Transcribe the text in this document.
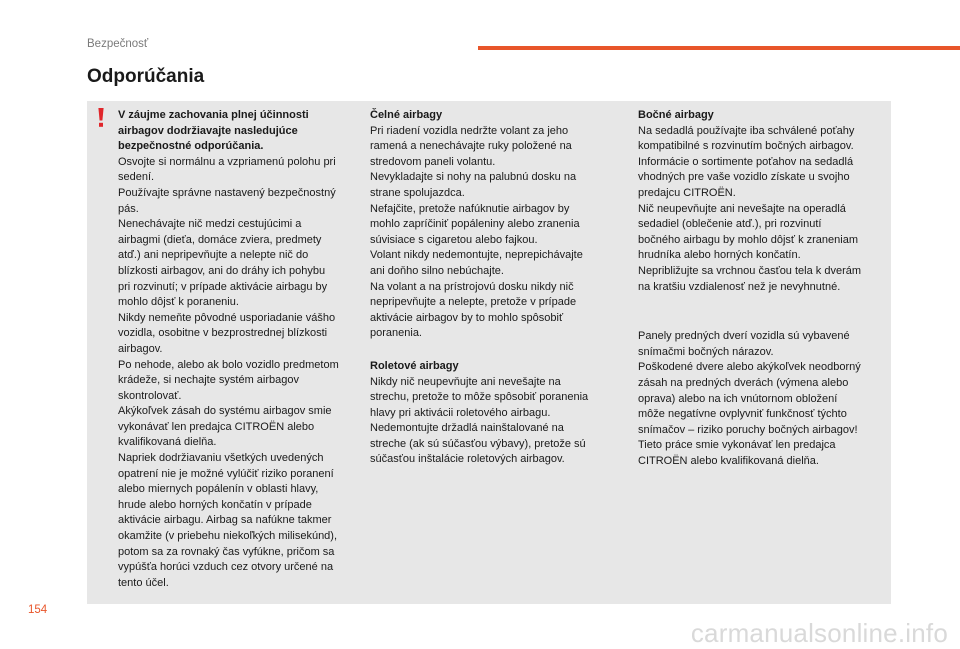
Bezpečnosť
Odporúčania
V záujme zachovania plnej účinnosti
airbagov dodržiavajte nasledujúce
bezpečnostné odporúčania.
Osvojte si normálnu a vzpriamenú polohu pri
sedení.
Používajte správne nastavený bezpečnostný
pás.
Nenechávajte nič medzi cestujúcimi a
airbagmi (dieťa, domáce zviera, predmety
atď.) ani nepripevňujte a nelepte nič do
blízkosti airbagov, ani do dráhy ich pohybu
pri rozvinutí; v prípade aktivácie airbagu by
mohlo dôjsť k poraneniu.
Nikdy nemeňte pôvodné usporiadanie vášho
vozidla, osobitne v bezprostrednej blízkosti
airbagov.
Po nehode, alebo ak bolo vozidlo predmetom
krádeže, si nechajte systém airbagov
skontrolovať.
Akýkoľvek zásah do systému airbagov smie
vykonávať len predajca CITROËN alebo
kvalifikovaná dielňa.
Napriek dodržiavaniu všetkých uvedených
opatrení nie je možné vylúčiť riziko poranení
alebo miernych popálenín v oblasti hlavy,
hrude alebo horných končatín v prípade
aktivácie airbagu. Airbag sa nafúkne takmer
okamžite (v priebehu niekoľkých milisekúnd),
potom sa za rovnaký čas vyfúkne, pričom sa
vypúšťa horúci vzduch cez otvory určené na
tento účel.
Čelné airbagy
Pri riadení vozidla nedržte volant za jeho
ramená a nenechávajte ruky položené na
stredovom paneli volantu.
Nevykladajte si nohy na palubnú dosku na
strane spolujazdca.
Nefajčite, pretože nafúknutie airbagov by
mohlo zapríčiniť popáleniny alebo zranenia
súvisiace s cigaretou alebo fajkou.
Volant nikdy nedemontujte, neprepichávajte
ani doňho silno nebúchajte.
Na volant a na prístrojovú dosku nikdy nič
nepripevňujte a nelepte, pretože v prípade
aktivácie airbagov by to mohlo spôsobiť
poranenia.
Roletové airbagy
Nikdy nič neupevňujte ani nevešajte na
strechu, pretože to môže spôsobiť poranenia
hlavy pri aktivácii roletového airbagu.
Nedemontujte držadlá nainštalované na
streche (ak sú súčasťou výbavy), pretože sú
súčasťou inštalácie roletových airbagov.
Bočné airbagy
Na sedadlá používajte iba schválené poťahy
kompatibilné s rozvinutím bočných airbagov.
Informácie o sortimente poťahov na sedadlá
vhodných pre vaše vozidlo získate u svojho
predajcu CITROËN.
Nič neupevňujte ani nevešajte na operadlá
sedadiel (oblečenie atď.), pri rozvinutí
bočného airbagu by mohlo dôjsť k zraneniam
hrudníka alebo horných končatín.
Nepribližujte sa vrchnou časťou tela k dverám
na kratšiu vzdialenosť než je nevyhnutné.
Panely predných dverí vozidla sú vybavené
snímačmi bočných nárazov.
Poškodené dvere alebo akýkoľvek neodborný
zásah na predných dverách (výmena alebo
oprava) alebo na ich vnútornom obložení
môže negatívne ovplyvniť funkčnosť týchto
snímačov – riziko poruchy bočných airbagov!
Tieto práce smie vykonávať len predajca
CITROËN alebo kvalifikovaná dielňa.
154
carmanualsonline.info
